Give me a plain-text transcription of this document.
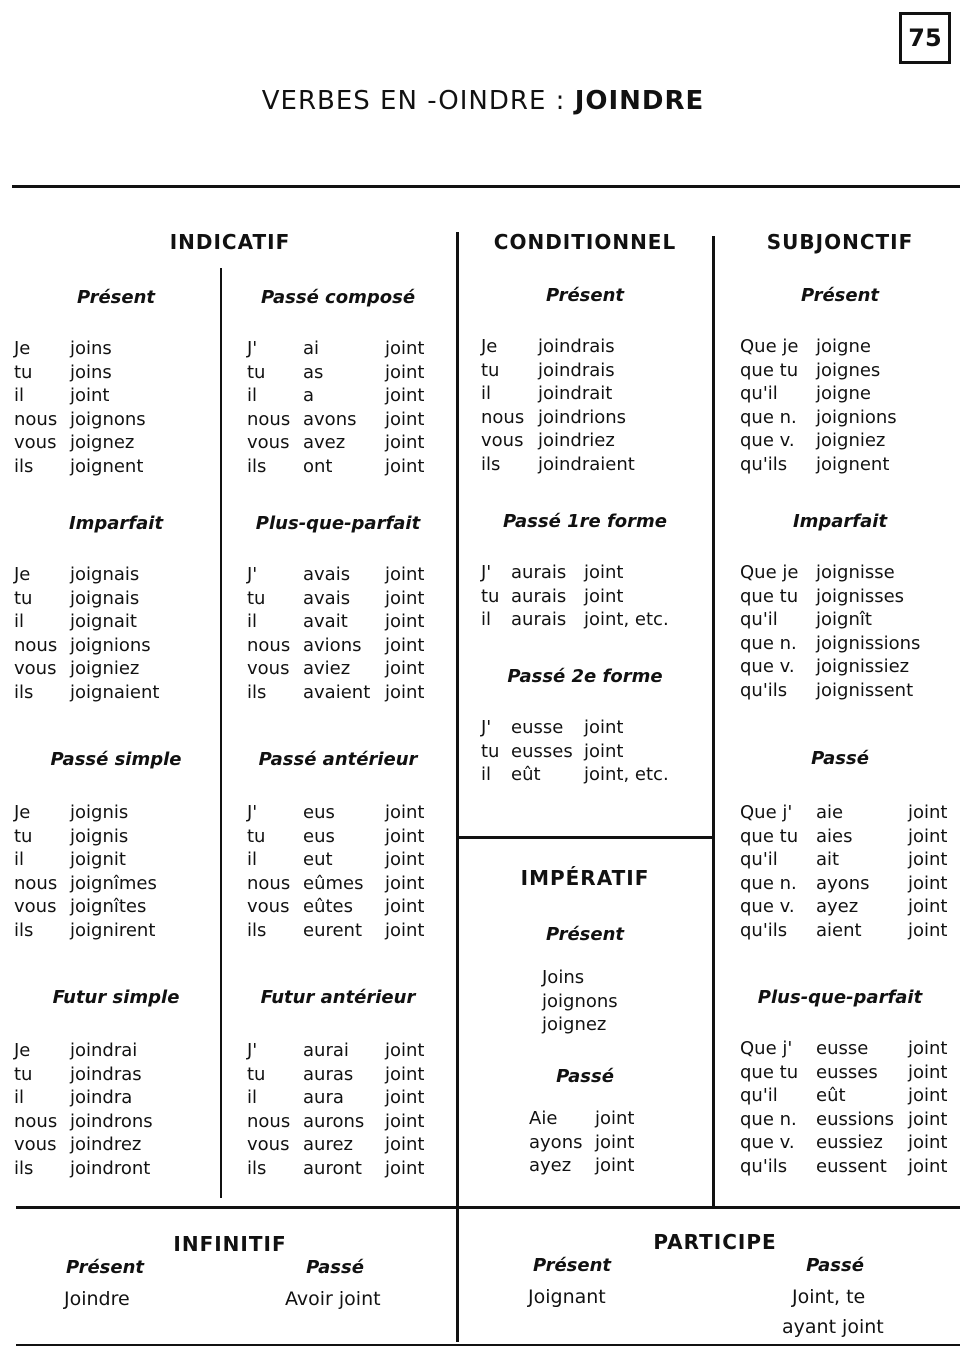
75
VERBES EN -OINDRE : JOINDRE
INDICATIF	CONDITIONNEL	SUBJONCTIF
Présent	Passé composé	Présent	Présent
Imparfait	Plus-que-parfait	Passé 1re forme	Imparfait
Passé 2e forme
Passé simple	Passé antérieur	Passé
IMPÉRATIF
Présent
Passé
Futur simple	Futur antérieur	Plus-que-parfait
Je	joins
tu	joins
il	joint
nous joignons
vous joignez
ils	joignent
J'	ai	joint
tu	as	joint
il	a	joint
nous avons	joint
vous avez	joint
ils	ont	joint
Je	joindrais
tu	joindrais
il	joindrait
nous joindrions
vous joindriez
ils	joindraient
Que je joigne
que tu joignes
qu'il	joigne
que n.	joignions
que v.	joigniez
qu'ils	joignent
Je	joignais
tu	joignais
il	joignait
nous joignions
vous joigniez
ils	joignaient
J'	avais	joint
tu	avais	joint
il	avait	joint
nous avions	joint
vous aviez	joint
ils	avaient joint
J'	aurais joint
tu aurais joint
il	aurais joint, etc.
Que je joignisse
que tu joignisses
qu'il	joignît
que n.	joignissions
que v.	joignissiez
qu'ils	joignissent
J'	eusse	joint
tu eusses joint
il	eût	joint, etc.
Je	joignis
tu	joignis
il	joignit
nous joignîmes
vous joignîtes
ils	joignirent
J'	eus	joint
tu	eus	joint
il	eut	joint
nous eûmes	joint
vous eûtes	joint
ils	eurent	joint
Que j'	aie	joint
que tu aies	joint
qu'il	ait	joint
que n.	ayons	joint
que v.	ayez	joint
qu'ils	aient	joint
Joins
joignons
joignez
Aie	joint
ayons joint
ayez	joint
Je	joindrai
tu	joindras
il	joindra
nous joindrons
vous joindrez
ils	joindront
J'	aurai	joint
tu	auras	joint
il	aura	joint
nous aurons	joint
vous aurez	joint
ils	auront	joint
Que j'	eusse	joint
que tu eusses	joint
qu'il	eût	joint
que n.	eussions joint
que v.	eussiez	joint
qu'ils	eussent	joint
INFINITIF
Présent	Passé
Joindre	Avoir joint
PARTICIPE
Présent	Passé
Joignant	Joint, te
ayant joint
